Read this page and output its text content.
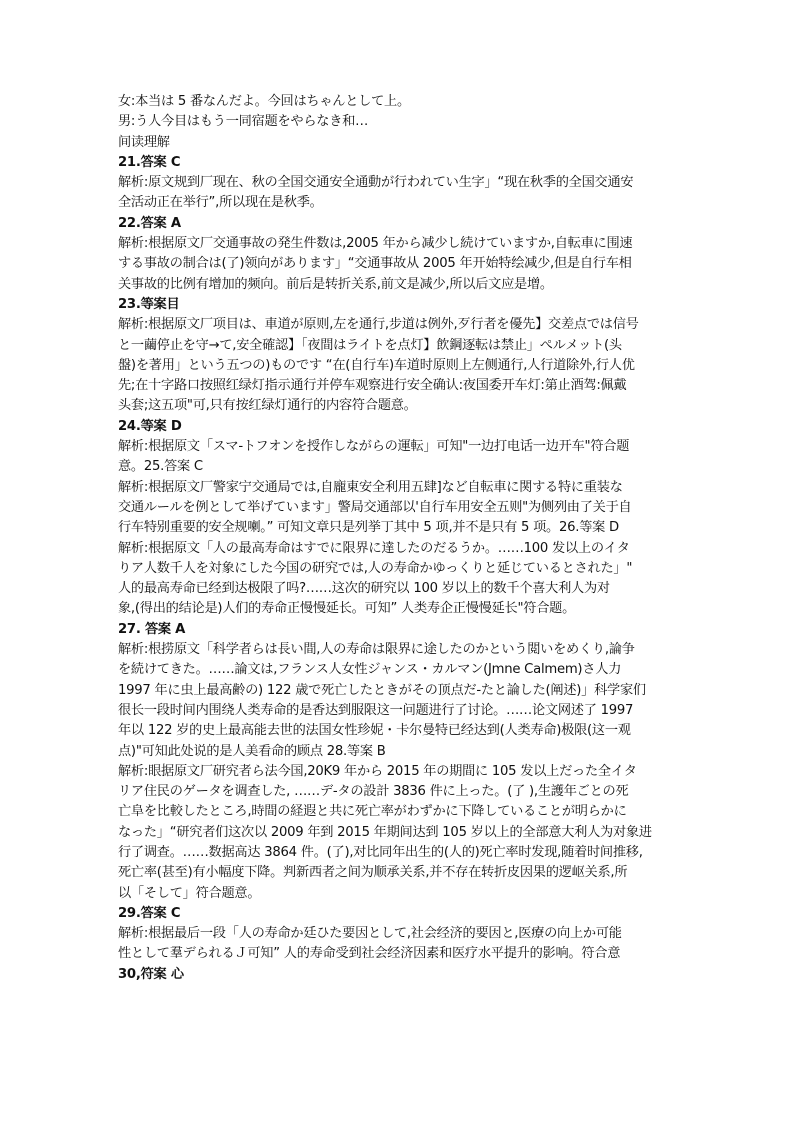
女:本当は 5 番なんだよ。今回はちゃんとして上。
男:う人今目はもう一同宿题をやらなき和…
间读理解
21.答案 C
解析:原文规到厂现在、秋の全国交通安全通動が行われてい生字」“现在秋季的全国交通安
全活动正在举行”,所以现在是秋季。
22.答案 A
解析:根据原文厂交通事故の発生件数は,2005 年から减少し続けていますか,自転車に围速
する事故の制合は(了)领向があります」“交通事故从 2005 年开始特绘减少,但是自行车相
关事故的比例有增加的频向。前后是转折关系,前文是减少,所以后文应是增。
23.等案目
解析:根据原文厂项目は、車道が原则,左を通行,步道は例外,歹行者を優先】交差点では信号
と一繭停止を守→て,安全確認】「夜間はライトを点灯】飲鋼逐転は禁止」ぺルメット(头
盤)を著用」という五つの)ものです “在(自行车)车道时原则上左侧通行,人行道除外,行人优
先;在十字路口按照红绿灯指示通行并停车观察进行安全确认:夜国委开车灯:第止酒驾:佩戴
头套;这五项"可,只有按红绿灯通行的内容符合题意。
24.等案 D
解析:根据原文「スマ-トフオンを授作しながらの運転」可知"一边打电话一边开车"符合题
意。25.答案 C
解析:根据原文厂警家宁交通局では,自龐東安全利用五肆]など自転車に関する特に重装な
交通ルールを例として举げています」警局交通部以'自行车用安全五则"为侧列由了关于自
行车特别重要的安全规喇。” 可知文章只是列挙丁其中 5 项,并不是只有 5 项。26.等案 D
解析:根据原文「人の最高寿命はすでに限界に達したのだるうか。……100 发以上のイタ
りア人数千人を対象にした今国の研究では,人の寿命かゆっくりと延じているとされた」"
人的最高寿命已经到达极限了吗?……这次的研究以 100 岁以上的数千个喜大利人为对
象,(得出的结论是)人们的寿命正慢慢延长。可知” 人类寿企正慢慢延长"符合题。
27. 答案 A
解析:根捞原文「科学者らは長い間,人の寿命は限界に途したのかという閲いをめくり,論争
を続けてきた。……論文は,フランス人女性ジャンス・カルマン(Jmne Calmem)さ人力
1997 年に虫上最高齢の) 122 歳で死亡したときがその顶点だ-たと論した(阐述)」科学家们
很长一段时间内围绕人类寿命的是香达到服限这一问题进行了讨论。……论文网述了 1997
年以 122 岁的史上最高能去世的法国女性珍妮・卡尔曼特已经达到(人类寿命)极限(这一观
点)"可知此处说的是人美看命的顾点 28.等案 B
解析:眼据原文厂研究者ら法今国,20K9 年から 2015 年の期間に 105 发以上だった全イタ
リア住民のゲータを调查した, ……デ-タの設計 3836 件に上った。(了 ),生護年ごとの死
亡阜を比較したところ,時間の経遐と共に死亡率がわずかに下降していることが明らかに
なった」“研究者们这次以 2009 年到 2015 年期间达到 105 岁以上的全部意大利人为对象进
行了调查。……数据高达 3864 件。(了),对比同年出生的(人的)死亡率时发现,随着时间推移,
死亡率(甚至)有小幅度下降。判新西者之间为顺承关系,并不存在转折皮因果的逻岖关系,所
以「そして」符合题意。
29.答案 C
解析:根据最后一段「人の寿命か廷ひた要因として,社会经济的要因と,医療の向上か可能
性として羣デられるＪ可知” 人的寿命受到社会经济因素和医疗水平提升的影响。符合意
30,符案 心
